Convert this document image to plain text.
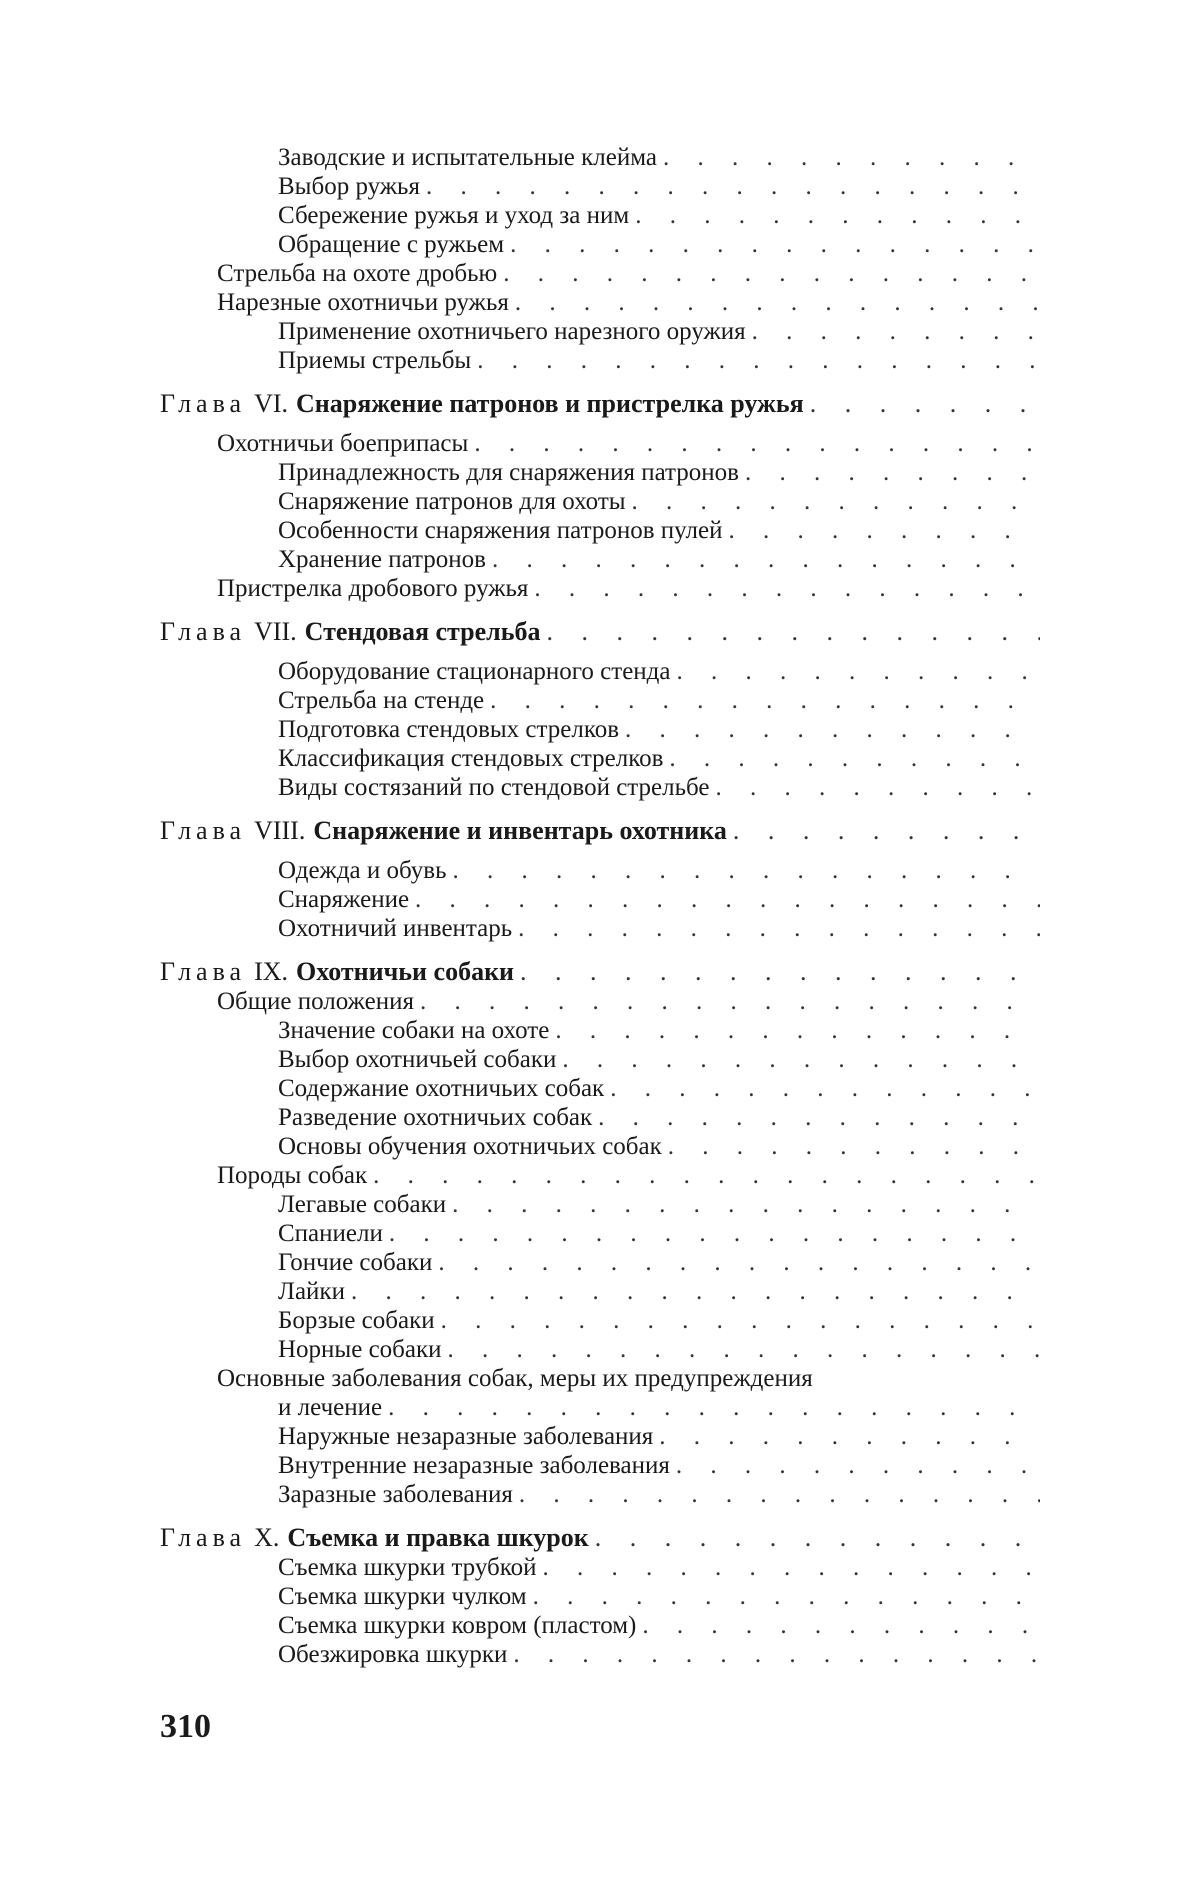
Заводские и испытательные клейма
. . .
Выбор ружья
. . .
Сбережение ружья и уход за ним
. . .
Обращение с ружьем
. . .
Стрельба на охоте дробью
. . .
Нарезные охотничьи ружья
. . .
Применение охотничьего нарезного оружия
. . .
Приемы стрельбы
. . .
Глава VI. Снаряжение патронов и пристрелка ружья
. . .
Охотничьи боеприпасы
. . .
Принадлежность для снаряжения патронов
. . .
Снаряжение патронов для охоты
. . .
Особенности снаряжения патронов пулей
. . .
Хранение патронов
. . .
Пристрелка дробового ружья
. . .
Глава VII. Стендовая стрельба
. . .
Оборудование стационарного стенда
. . .
Стрельба на стенде
. . .
Подготовка стендовых стрелков
. . .
Классификация стендовых стрелков
. . .
Виды состязаний по стендовой стрельбе
. . .
Глава VIII. Снаряжение и инвентарь охотника
. . .
Одежда и обувь
. . .
Снаряжение
. . .
Охотничий инвентарь
. . .
Глава IX. Охотничьи собаки
. . .
Общие положения
. . .
Значение собаки на охоте
. . .
Выбор охотничьей собаки
. . .
Содержание охотничьих собак
. . .
Разведение охотничьих собак
. . .
Основы обучения охотничьих собак
. . .
Породы собак
. . .
Легавые собаки
. . .
Спаниели
. . .
Гончие собаки
. . .
Лайки
. . .
Борзые собаки
. . .
Норные собаки
. . .
Основные заболевания собак, меры их предупреждения
и лечение
. . .
Наружные незаразные заболевания
. . .
Внутренние незаразные заболевания
. . .
Заразные заболевания
. . .
Глава X. Съемка и правка шкурок
. . .
Съемка шкурки трубкой
. . .
Съемка шкурки чулком
. . .
Съемка шкурки ковром (пластом)
. . .
Обезжировка шкурки
. . .
310
